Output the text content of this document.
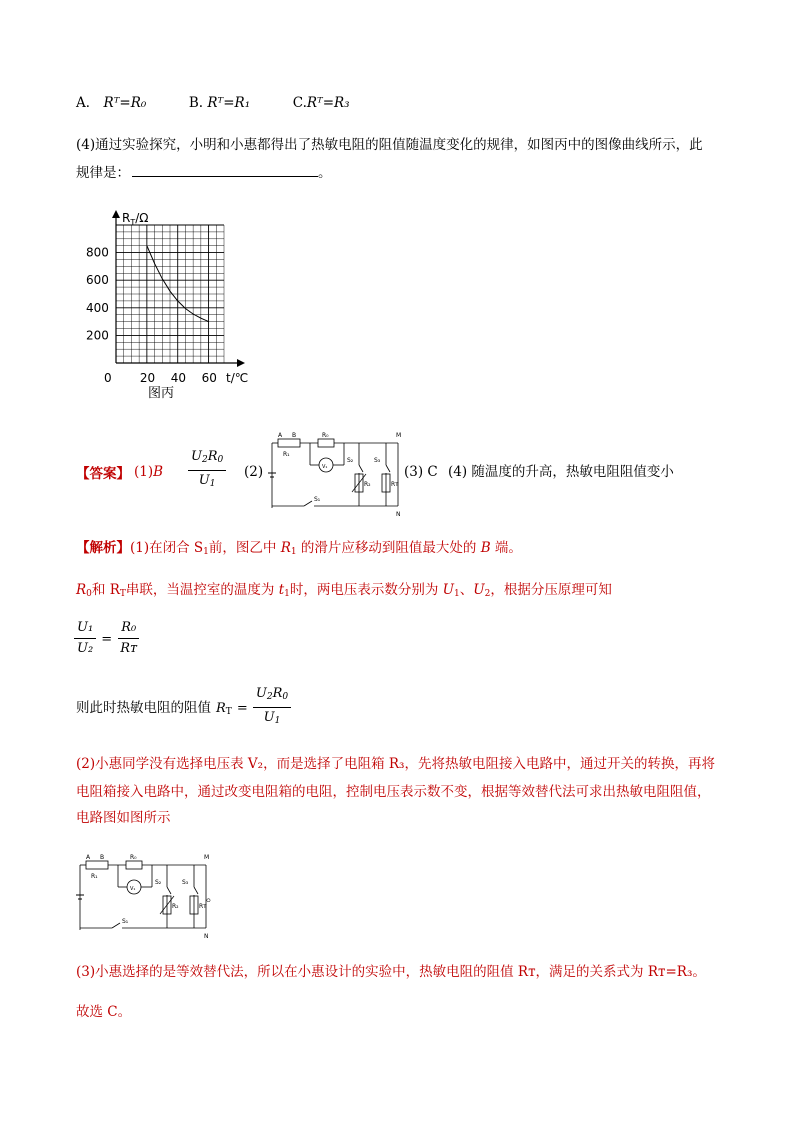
A． Rᵀ=R₀	B. Rᵀ=R₁	C.Rᵀ=R₃
(4)通过实验探究，小明和小惠都得出了热敏电阻的阻值随温度变化的规律，如图丙中的图像曲线所示，此
规律是：	。
$R_T/\Omega$
800
600
400
200
0 20 40 60 t/℃
图丙
【答案】 $(1)B \frac{U_2R_0}{U_1} (2)$
A B
R₁
R₀
V₁
S₂	S₃
R₂	Rᴛ
M
N
S₁
(3) C (4) 随温度的升高，热敏电阻阻值变小
【解析】(1)在闭合 $S_1$前，图乙中 $R_1$ 的滑片应移动到阻值最大处的 B 端。
$R_0$和 $R_T$串联，当温控室的温度为 $t_1$时，两电压表示数分别为 $U_1$、$U_2$，根据分压原理可知
$\frac{\text{U₁}}{\text{U₂}} = \frac{\text{R₀}}{\text{Rᴛ}}$
则此时热敏电阻的阻值 $R_T = \frac{U_2R_0}{U_1}$
(2)小惠同学没有选择电压表 V₂，而是选择了电阻箱 R₃，先将热敏电阻接入电路中，通过开关的转换，再将
电阻箱接入电路中，通过改变电阻箱的电阻，控制电压表示数不变，根据等效替代法可求出热敏电阻阻值，
电路图如图所示
A B
R₁
R₀
V₁
S₂	S₃
R₂	Rᴛ
M
N
S₁
。
(3)小惠选择的是等效替代法，所以在小惠设计的实验中，热敏电阻的阻值 Rᴛ，满足的关系式为 Rᴛ=R₃。
故选 C。
